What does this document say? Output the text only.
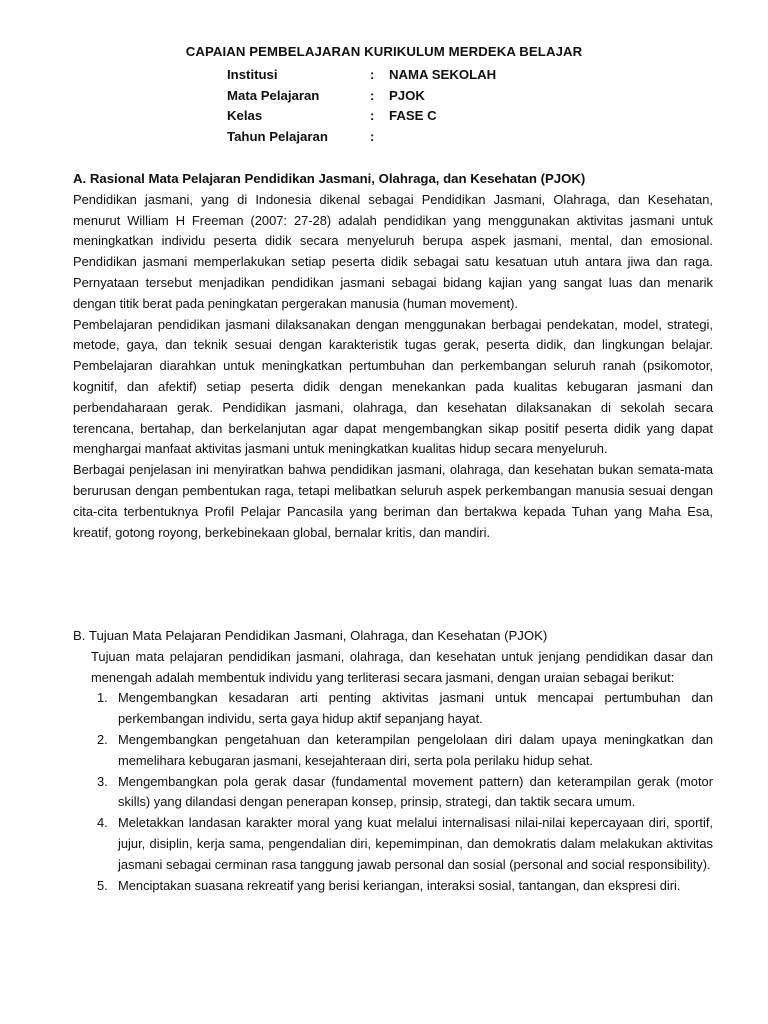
CAPAIAN PEMBELAJARAN KURIKULUM MERDEKA BELAJAR
Institusi	: NAMA SEKOLAH
Mata Pelajaran	: PJOK
Kelas	: FASE C
Tahun Pelajaran	:
A. Rasional Mata Pelajaran Pendidikan Jasmani, Olahraga, dan Kesehatan (PJOK)

Pendidikan jasmani, yang di Indonesia dikenal sebagai Pendidikan Jasmani, Olahraga, dan Kesehatan, menurut William H Freeman (2007: 27-28) adalah pendidikan yang menggunakan aktivitas jasmani untuk meningkatkan individu peserta didik secara menyeluruh berupa aspek jasmani, mental, dan emosional. Pendidikan jasmani memperlakukan setiap peserta didik sebagai satu kesatuan utuh antara jiwa dan raga. Pernyataan tersebut menjadikan pendidikan jasmani sebagai bidang kajian yang sangat luas dan menarik dengan titik berat pada peningkatan pergerakan manusia (human movement).

Pembelajaran pendidikan jasmani dilaksanakan dengan menggunakan berbagai pendekatan, model, strategi, metode, gaya, dan teknik sesuai dengan karakteristik tugas gerak, peserta didik, dan lingkungan belajar. Pembelajaran diarahkan untuk meningkatkan pertumbuhan dan perkembangan seluruh ranah (psikomotor, kognitif, dan afektif) setiap peserta didik dengan menekankan pada kualitas kebugaran jasmani dan perbendaharaan gerak. Pendidikan jasmani, olahraga, dan kesehatan dilaksanakan di sekolah secara terencana, bertahap, dan berkelanjutan agar dapat mengembangkan sikap positif peserta didik yang dapat menghargai manfaat aktivitas jasmani untuk meningkatkan kualitas hidup secara menyeluruh.

Berbagai penjelasan ini menyiratkan bahwa pendidikan jasmani, olahraga, dan kesehatan bukan semata-mata berurusan dengan pembentukan raga, tetapi melibatkan seluruh aspek perkembangan manusia sesuai dengan cita-cita terbentuknya Profil Pelajar Pancasila yang beriman dan bertakwa kepada Tuhan yang Maha Esa, kreatif, gotong royong, berkebinekaan global, bernalar kritis, dan mandiri.

B. Tujuan Mata Pelajaran Pendidikan Jasmani, Olahraga, dan Kesehatan (PJOK)

Tujuan mata pelajaran pendidikan jasmani, olahraga, dan kesehatan untuk jenjang pendidikan dasar dan menengah adalah membentuk individu yang terliterasi secara jasmani, dengan uraian sebagai berikut:

1. Mengembangkan kesadaran arti penting aktivitas jasmani untuk mencapai pertumbuhan dan perkembangan individu, serta gaya hidup aktif sepanjang hayat.
2. Mengembangkan pengetahuan dan keterampilan pengelolaan diri dalam upaya meningkatkan dan memelihara kebugaran jasmani, kesejahteraan diri, serta pola perilaku hidup sehat.
3. Mengembangkan pola gerak dasar (fundamental movement pattern) dan keterampilan gerak (motor skills) yang dilandasi dengan penerapan konsep, prinsip, strategi, dan taktik secara umum.
4. Meletakkan landasan karakter moral yang kuat melalui internalisasi nilai-nilai kepercayaan diri, sportif, jujur, disiplin, kerja sama, pengendalian diri, kepemimpinan, dan demokratis dalam melakukan aktivitas jasmani sebagai cerminan rasa tanggung jawab personal dan sosial (personal and social responsibility).
5. Menciptakan suasana rekreatif yang berisi keriangan, interaksi sosial, tantangan, dan ekspresi diri.
